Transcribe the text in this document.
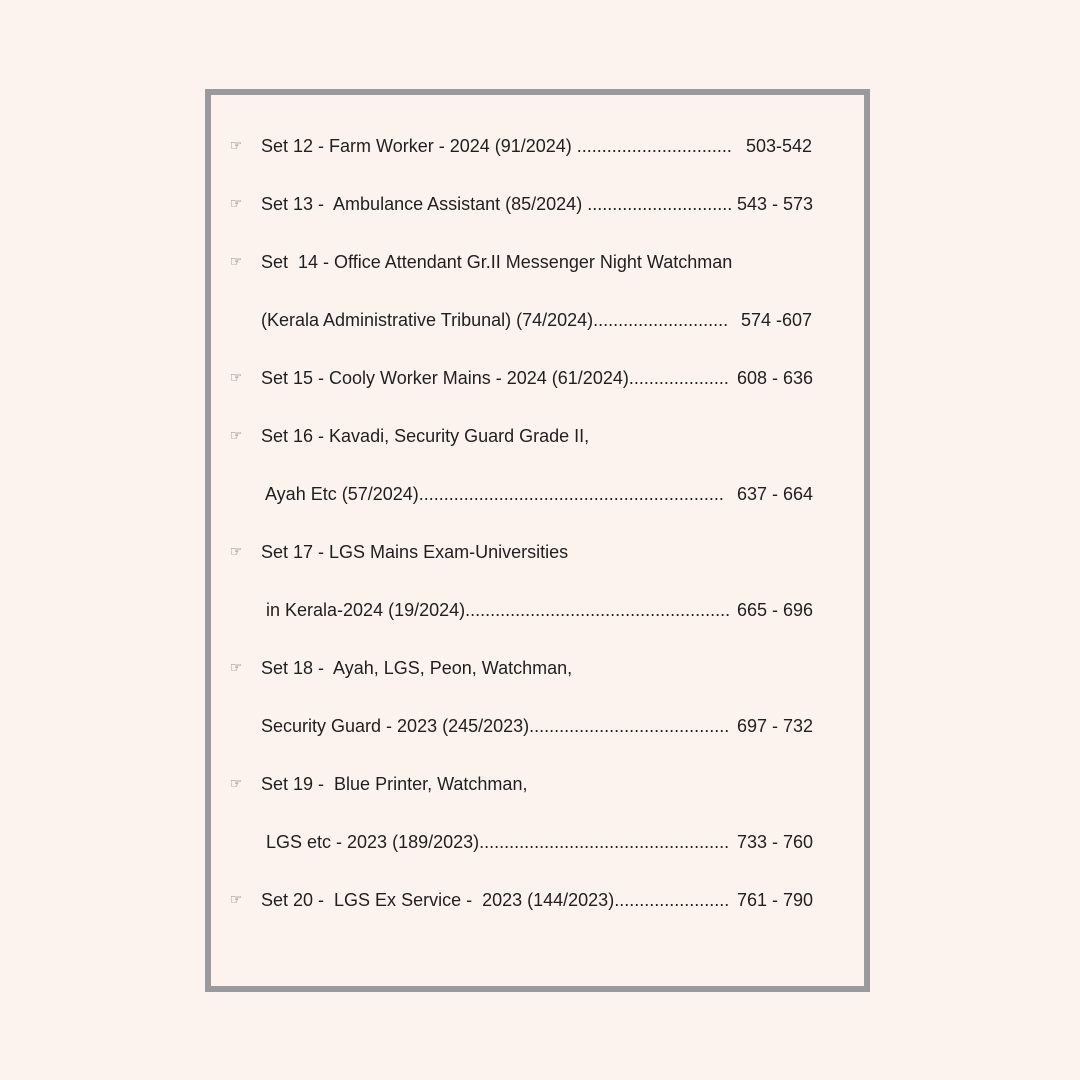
☞ Set 12 - Farm Worker - 2024 (91/2024) ............................... 503-542
☞ Set 13 -  Ambulance Assistant (85/2024) ............................. 543 - 573
☞ Set  14 - Office Attendant Gr.II Messenger Night Watchman
(Kerala Administrative Tribunal) (74/2024)........................... 574 -607
☞ Set 15 - Cooly Worker Mains - 2024 (61/2024).................... 608 - 636
☞ Set 16 - Kavadi, Security Guard Grade II,
Ayah Etc (57/2024)............................................................. 637 - 664
☞ Set 17 - LGS Mains Exam-Universities
in Kerala-2024 (19/2024)..................................................... 665 - 696
☞ Set 18 -  Ayah, LGS, Peon, Watchman,
Security Guard - 2023 (245/2023)........................................ 697 - 732
☞ Set 19 -  Blue Printer, Watchman,
LGS etc - 2023 (189/2023).................................................. 733 - 760
☞ Set 20 -  LGS Ex Service -  2023 (144/2023)....................... 761 - 790
